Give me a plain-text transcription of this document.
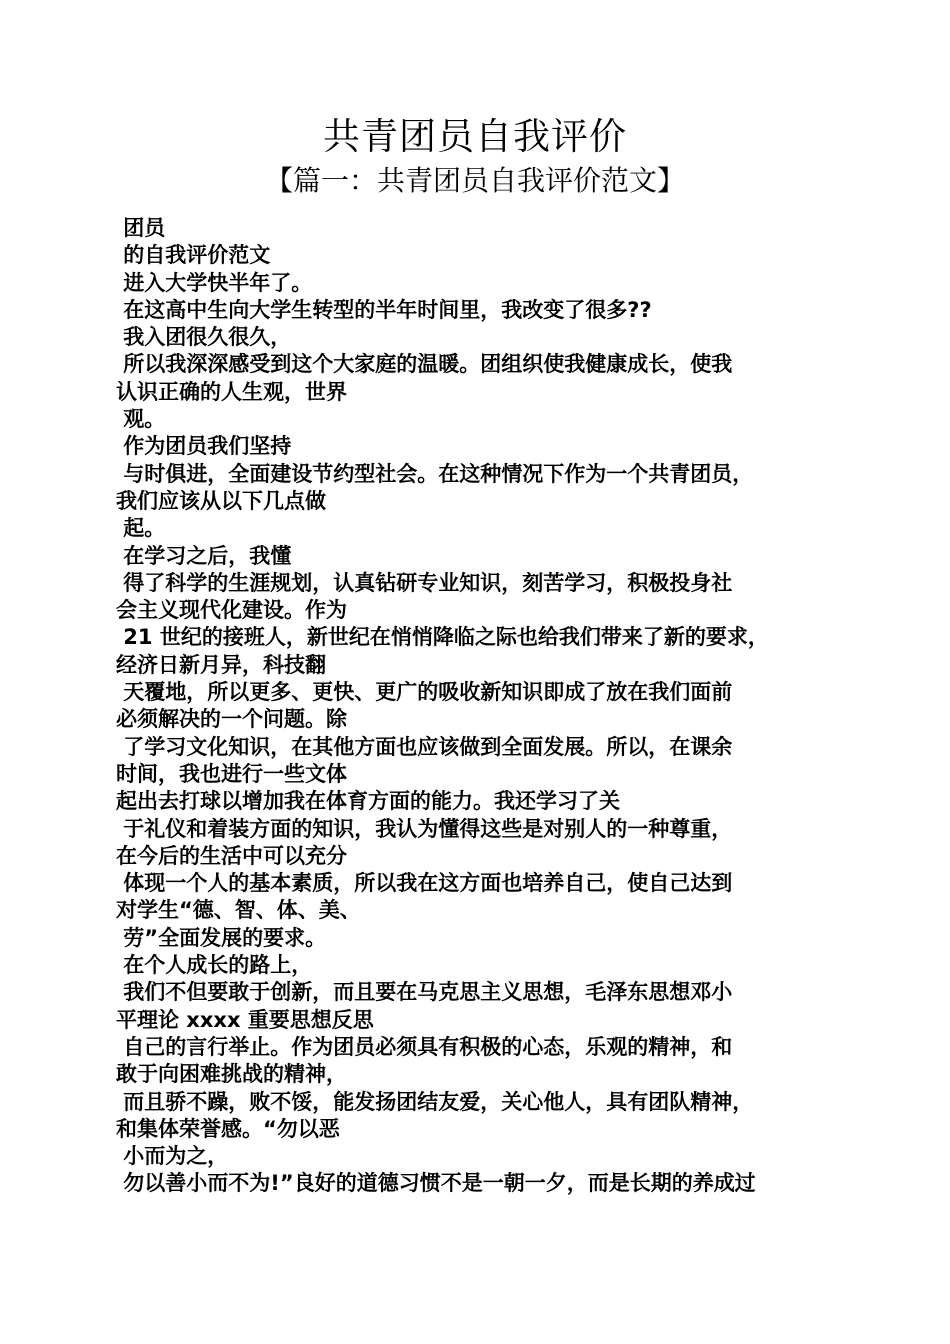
共青团员自我评价
【篇一：共青团员自我评价范文】
团员
的自我评价范文
进入大学快半年了。
在这高中生向大学生转型的半年时间里，我改变了很多??
我入团很久很久，
所以我深深感受到这个大家庭的温暖。团组织使我健康成长，使我
认识正确的人生观，世界
观。
作为团员我们坚持
与时俱进，全面建设节约型社会。在这种情况下作为一个共青团员，
我们应该从以下几点做
起。
在学习之后，我懂
得了科学的生涯规划，认真钻研专业知识，刻苦学习，积极投身社
会主义现代化建设。作为
21 世纪的接班人，新世纪在悄悄降临之际也给我们带来了新的要求，
经济日新月异，科技翻
天覆地，所以更多、更快、更广的吸收新知识即成了放在我们面前
必须解决的一个问题。除
了学习文化知识，在其他方面也应该做到全面发展。所以，在课余
时间，我也进行一些文体
起出去打球以增加我在体育方面的能力。我还学习了关
于礼仪和着装方面的知识，我认为懂得这些是对别人的一种尊重，
在今后的生活中可以充分
体现一个人的基本素质，所以我在这方面也培养自己，使自己达到
对学生“德、智、体、美、
劳”全面发展的要求。
在个人成长的路上，
我们不但要敢于创新，而且要在马克思主义思想，毛泽东思想邓小
平理论 xxxx 重要思想反思
自己的言行举止。作为团员必须具有积极的心态，乐观的精神，和
敢于向困难挑战的精神，
而且骄不躁，败不馁，能发扬团结友爱，关心他人，具有团队精神，
和集体荣誉感。“勿以恶
小而为之，
勿以善小而不为!”良好的道德习惯不是一朝一夕，而是长期的养成过
